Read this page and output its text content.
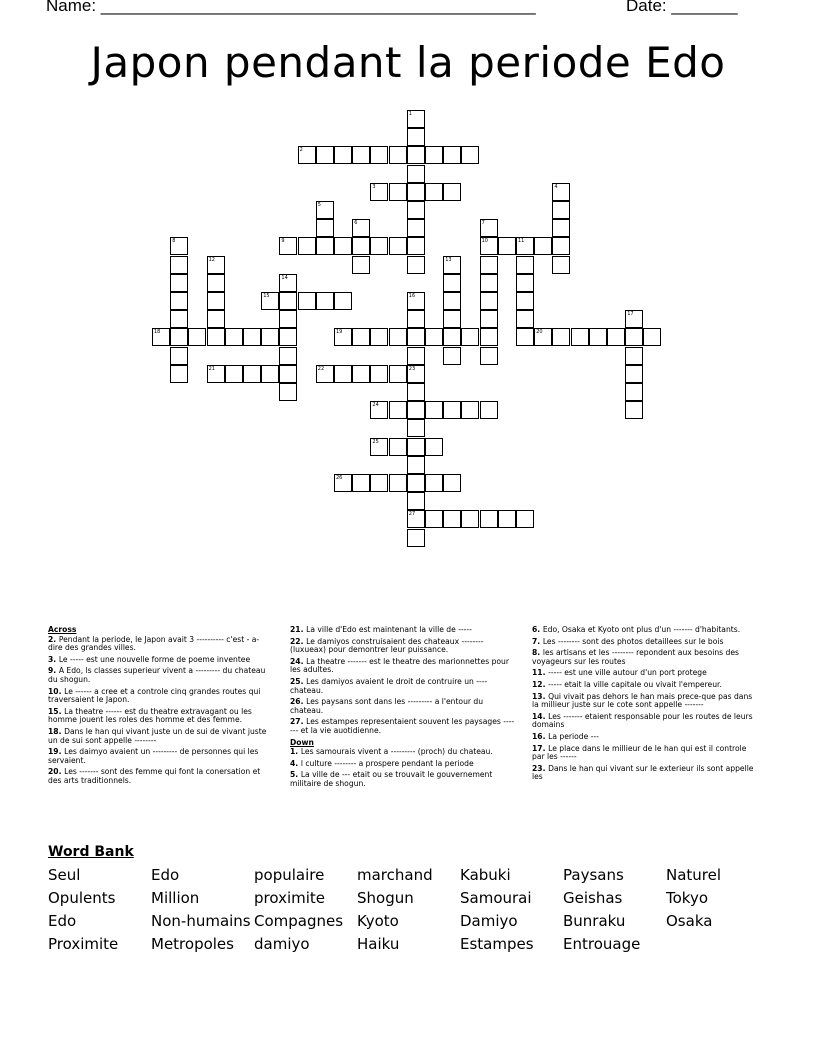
Name: ______________________________________________	Date: _______
Japon pendant la periode Edo
2
3
9	10	11
15
18	19	20
21	22
24
25
26
27
1
4
5
6	7
8
12	13
14
16
23
17
Across
2. Pendant la periode, le Japon avait 3 ---------- c'est - a- dire des grandes villes.
3. Le ----- est une nouvelle forme de poeme inventee
9. A Edo, ls classes superieur vivent a --------- du chateau du shogun.
10. Le ------ a cree et a controle cinq grandes routes qui traversaient le Japon.
15. La theatre ------ est du theatre extravagant ou les homme jouent les roles des homme et des femme.
18. Dans le han qui vivant juste un de sui de vivant juste un de sui sont appelle --------
19. Les daimyo avaient un --------- de personnes qui les servaient.
20. Les ------- sont des femme qui font la conersation et des arts traditionnels.
21. La ville d'Edo est maintenant la ville de -----
22. Le damiyos construisaient des chateaux -------- (luxueax) pour demontrer leur puissance.
24. La theatre ------- est le theatre des marionnettes pour les adultes.
25. Les damiyos avaient le droit de contruire un ---- chateau.
26. Les paysans sont dans les --------- a l'entour du chateau.
27. Les estampes representaient souvent les paysages ------- et la vie auotidienne.
Down
1. Les samourais vivent a --------- (proch) du chateau.
4. l culture -------- a prospere pendant la periode
5. La ville de --- etait ou se trouvait le gouvernement militaire de shogun.
6. Edo, Osaka et Kyoto ont plus d'un ------- d'habitants.
7. Les -------- sont des photos detaillees sur le bois
8. les artisans et les -------- repondent aux besoins des voyageurs sur les routes
11. ----- est une ville autour d'un port protege
12. ----- etait la ville capitale ou vivait l'empereur.
13. Qui vivait pas dehors le han mais prece-que pas dans la millieur juste sur le cote sont appelle -------
14. Les ------- etaient responsable pour les routes de leurs domains
16. La periode ---
17. Le place dans le millieur de le han qui est il controle par les ------
23. Dans le han qui vivant sur le exterieur ils sont appelle les
Word Bank
Seul	Edo	populaire marchand Kabuki	Paysans	Naturel
Opulents Million	proximite Shogun	Samourai Geishas	Tokyo
Edo	Non-humains Compagnes Kyoto	Damiyo	Bunraku	Osaka
Proximite Metropoles damiyo	Haiku	Estampes Entrouage
